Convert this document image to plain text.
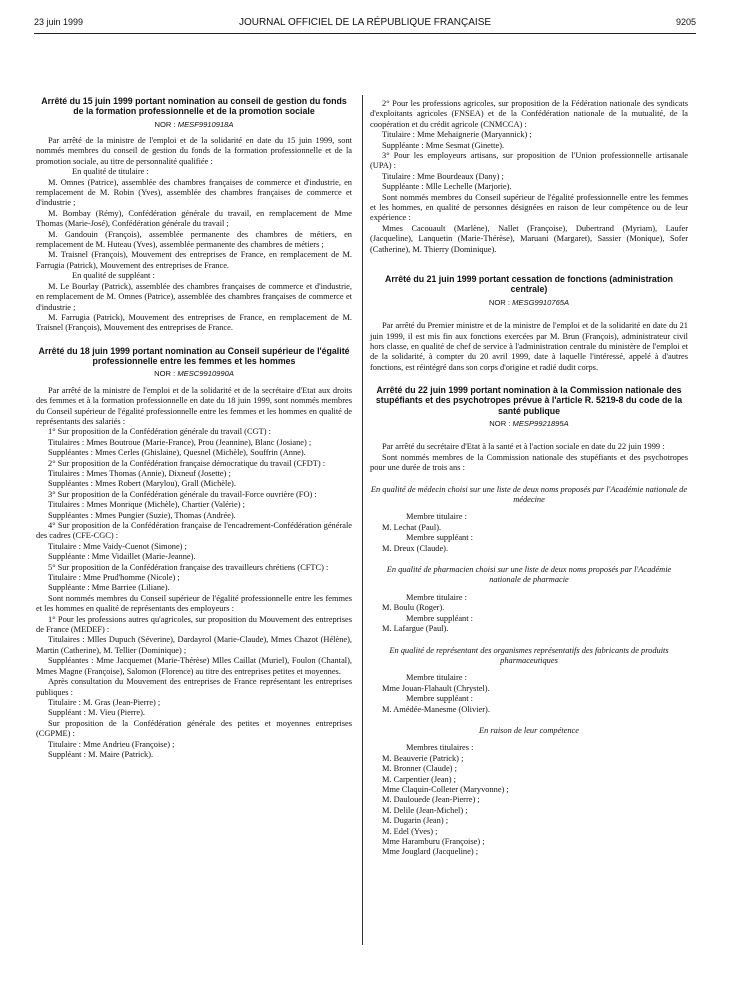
23 juin 1999	JOURNAL OFFICIEL DE LA RÉPUBLIQUE FRANÇAISE	9205
Arrêté du 15 juin 1999 portant nomination au conseil de gestion du fonds de la formation professionnelle et de la promotion sociale
NOR : MESF9910918A

Par arrêté de la ministre de l'emploi et de la solidarité en date du 15 juin 1999, sont nommés membres du conseil de gestion du fonds de la formation professionnelle et de la promotion sociale, au titre de personnalité qualifiée :

En qualité de titulaire :

M. Omnes (Patrice), assemblée des chambres françaises de commerce et d'industrie, en remplacement de M. Robin (Yves), assemblée des chambres françaises de commerce et d'industrie ;

M. Bombay (Rémy), Confédération générale du travail, en remplacement de Mme Thomas (Marie-José), Confédération générale du travail ;

M. Gandouin (François), assemblée permanente des chambres de métiers, en remplacement de M. Huteau (Yves), assemblée permanente des chambres de métiers ;

M. Traisnel (François), Mouvement des entreprises de France, en remplacement de M. Farrugia (Patrick), Mouvement des entreprises de France.

En qualité de suppléant :

M. Le Bourlay (Patrick), assemblée des chambres françaises de commerce et d'industrie, en remplacement de M. Omnes (Patrice), assemblée des chambres françaises de commerce et d'industrie ;

M. Farrugia (Patrick), Mouvement des entreprises de France, en remplacement de M. Traisnel (François), Mouvement des entreprises de France.

Arrêté du 18 juin 1999 portant nomination au Conseil supérieur de l'égalité professionnelle entre les femmes et les hommes
NOR : MESC9910990A

Par arrêté de la ministre de l'emploi et de la solidarité et de la secrétaire d'Etat aux droits des femmes et à la formation professionnelle en date du 18 juin 1999, sont nommés membres du Conseil supérieur de l'égalité professionnelle entre les femmes et les hommes en qualité de représentants des salariés :

1° Sur proposition de la Confédération générale du travail (CGT) :

Titulaires : Mmes Boutroue (Marie-France), Prou (Jeannine), Blanc (Josiane) ;

Suppléantes : Mmes Cerles (Ghislaine), Quesnel (Michèle), Souffrin (Anne).

2° Sur proposition de la Confédération française démocratique du travail (CFDT) :

Titulaires : Mmes Thomas (Annie), Dixneuf (Josette) ;

Suppléantes : Mmes Robert (Marylou), Grall (Michèle).

3° Sur proposition de la Confédération générale du travail-Force ouvrière (FO) :

Titulaires : Mmes Monrique (Michèle), Chartier (Valérie) ;

Suppléantes : Mmes Pungier (Suzie), Thomas (Andrée).

4° Sur proposition de la Confédération française de l'encadrement-Confédération générale des cadres (CFE-CGC) :

Titulaire : Mme Vaidy-Cuenot (Simone) ;

Suppléante : Mme Vidaillet (Marie-Jeanne).

5° Sur proposition de la Confédération française des travailleurs chrétiens (CFTC) :

Titulaire : Mme Prud'homme (Nicole) ;

Suppléante : Mme Barriee (Liliane).

Sont nommés membres du Conseil supérieur de l'égalité professionnelle entre les femmes et les hommes en qualité de représentants des employeurs :

1° Pour les professions autres qu'agricoles, sur proposition du Mouvement des entreprises de France (MEDEF) :

Titulaires : Mlles Dupuch (Séverine), Dardayrol (Marie-Claude), Mmes Chazot (Hélène), Martin (Catherine), M. Tellier (Dominique) ;

Suppléantes : Mme Jacquemet (Marie-Thérèse) Mlles Caillat (Muriel), Foulon (Chantal), Mmes Magne (Françoise), Salomon (Florence) au titre des entreprises petites et moyennes.

Après consultation du Mouvement des entreprises de France représentant les entreprises publiques :

Titulaire : M. Gras (Jean-Pierre) ;

Suppléant : M. Vieu (Pierre).

Sur proposition de la Confédération générale des petites et moyennes entreprises (CGPME) :

Titulaire : Mme Andrieu (Françoise) ;

Suppléant : M. Maire (Patrick).

2° Pour les professions agricoles, sur proposition de la Fédération nationale des syndicats d'exploitants agricoles (FNSEA) et de la Confédération nationale de la mutualité, de la coopération et du crédit agricole (CNMCCA) :

Titulaire : Mme Mehaignerie (Maryannick) ;

Suppléante : Mme Sesmat (Ginette).

3° Pour les employeurs artisans, sur proposition de l'Union professionnelle artisanale (UPA) :

Titulaire : Mme Bourdeaux (Dany) ;

Suppléante : Mlle Lechelle (Marjorie).

Sont nommés membres du Conseil supérieur de l'égalité professionnelle entre les femmes et les hommes, en qualité de personnes désignées en raison de leur compétence ou de leur expérience :

Mmes Cacouault (Marlène), Nallet (Françoise), Dubertrand (Myriam), Laufer (Jacqueline), Lanquetin (Marie-Thérèse), Maruani (Margaret), Sassier (Monique), Sofer (Catherine), M. Thierry (Dominique).

Arrêté du 21 juin 1999 portant cessation de fonctions (administration centrale)
NOR : MESG9910765A

Par arrêté du Premier ministre et de la ministre de l'emploi et de la solidarité en date du 21 juin 1999, il est mis fin aux fonctions exercées par M. Brun (François), administrateur civil hors classe, en qualité de chef de service à l'administration centrale du ministère de l'emploi et de la solidarité, à compter du 20 avril 1999, date à laquelle l'intéressé, appelé à d'autres fonctions, est réintégré dans son corps d'origine et radié dudit corps.

Arrêté du 22 juin 1999 portant nomination à la Commission nationale des stupéfiants et des psychotropes prévue à l'article R. 5219-8 du code de la santé publique
NOR : MESP9921895A

Par arrêté du secrétaire d'Etat à la santé et à l'action sociale en date du 22 juin 1999 :

Sont nommés membres de la Commission nationale des stupéfiants et des psychotropes pour une durée de trois ans :

En qualité de médecin choisi sur une liste de deux noms proposés par l'Académie nationale de médecine

Membre titulaire :

M. Lechat (Paul).

Membre suppléant :

M. Dreux (Claude).

En qualité de pharmacien choisi sur une liste de deux noms proposés par l'Académie nationale de pharmacie

Membre titulaire :

M. Boulu (Roger).

Membre suppléant :

M. Lafargue (Paul).

En qualité de représentant des organismes représentatifs des fabricants de produits pharmaceutiques

Membre titulaire :

Mme Jouan-Flahault (Chrystel).

Membre suppléant :

M. Amédée-Manesme (Olivier).

En raison de leur compétence

Membres titulaires :

M. Beauverie (Patrick) ;

M. Bronner (Claude) ;

M. Carpentier (Jean) ;

Mme Claquin-Colleter (Maryvonne) ;

M. Daulouede (Jean-Pierre) ;

M. Delile (Jean-Michel) ;

M. Dugarin (Jean) ;

M. Edel (Yves) ;

Mme Haramburu (Françoise) ;

Mme Jouglard (Jacqueline) ;
